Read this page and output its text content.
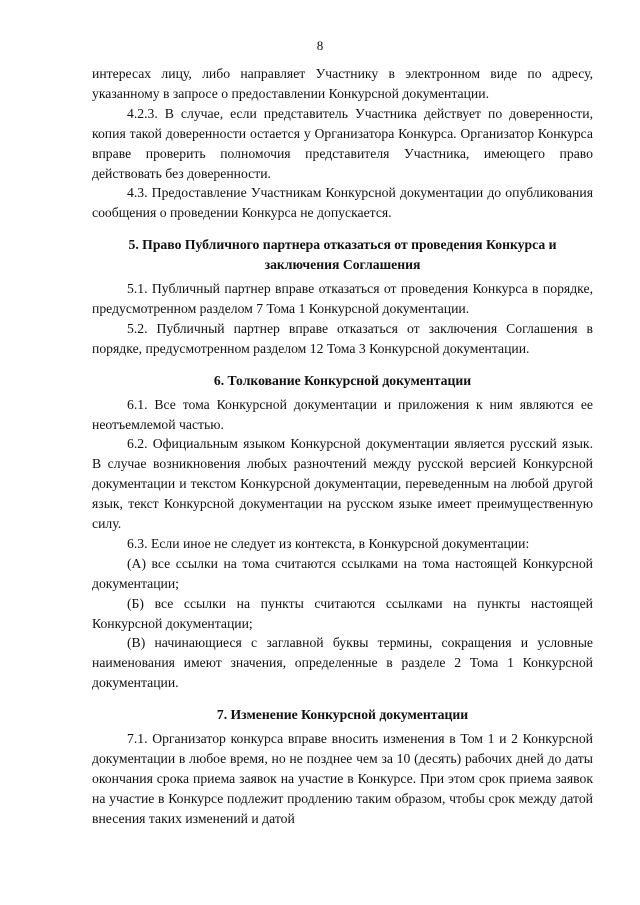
8

интересах лицу, либо направляет Участнику в электронном виде по адресу, указанному в запросе о предоставлении Конкурсной документации.

4.2.3. В случае, если представитель Участника действует по доверенности, копия такой доверенности остается у Организатора Конкурса. Организатор Конкурса вправе проверить полномочия представителя Участника, имеющего право действовать без доверенности.

4.3. Предоставление Участникам Конкурсной документации до опубликования сообщения о проведении Конкурса не допускается.

5. Право Публичного партнера отказаться от проведения Конкурса и заключения Соглашения

5.1. Публичный партнер вправе отказаться от проведения Конкурса в порядке, предусмотренном разделом 7 Тома 1 Конкурсной документации.

5.2. Публичный партнер вправе отказаться от заключения Соглашения в порядке, предусмотренном разделом 12 Тома 3 Конкурсной документации.

6. Толкование Конкурсной документации

6.1. Все тома Конкурсной документации и приложения к ним являются ее неотъемлемой частью.

6.2. Официальным языком Конкурсной документации является русский язык. В случае возникновения любых разночтений между русской версией Конкурсной документации и текстом Конкурсной документации, переведенным на любой другой язык, текст Конкурсной документации на русском языке имеет преимущественную силу.

6.3. Если иное не следует из контекста, в Конкурсной документации:

(А) все ссылки на тома считаются ссылками на тома настоящей Конкурсной документации;

(Б) все ссылки на пункты считаются ссылками на пункты настоящей Конкурсной документации;

(В) начинающиеся с заглавной буквы термины, сокращения и условные наименования имеют значения, определенные в разделе 2 Тома 1 Конкурсной документации.

7. Изменение Конкурсной документации

7.1. Организатор конкурса вправе вносить изменения в Том 1 и 2 Конкурсной документации в любое время, но не позднее чем за 10 (десять) рабочих дней до даты окончания срока приема заявок на участие в Конкурсе. При этом срок приема заявок на участие в Конкурсе подлежит продлению таким образом, чтобы срок между датой внесения таких изменений и датой
